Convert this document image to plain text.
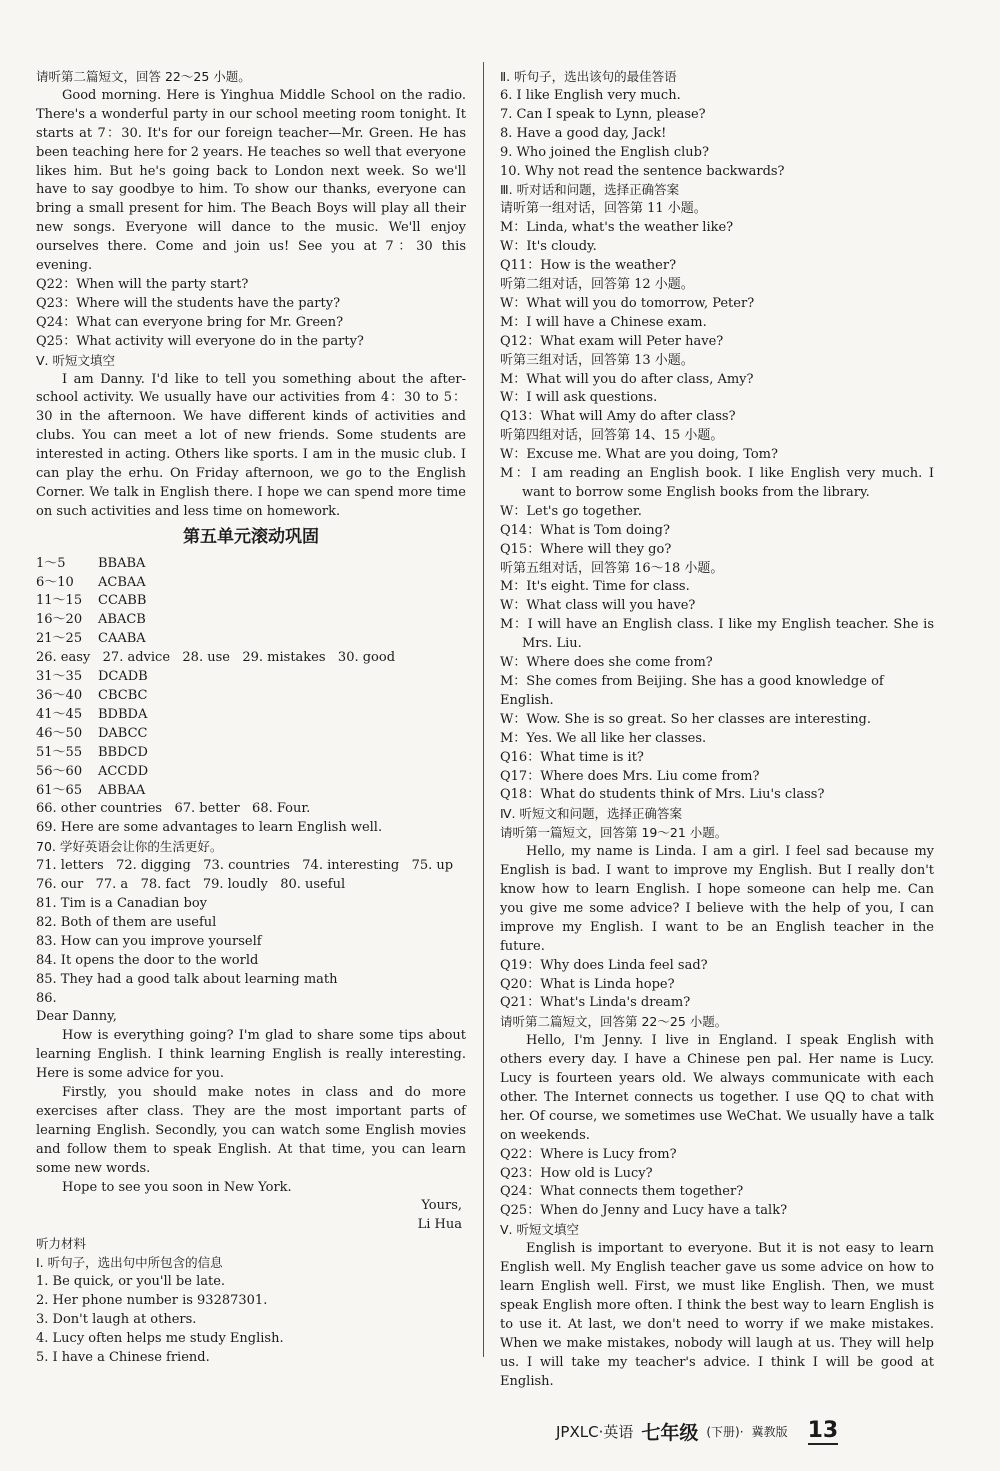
请听第二篇短文，回答 22～25 小题。
Good morning. Here is Yinghua Middle School on the radio. There's a wonderful party in our school meeting room tonight. It starts at 7：30. It's for our foreign teacher—Mr. Green. He has been teaching here for 2 years. He teaches so well that everyone likes him. But he's going back to London next week. So we'll have to say goodbye to him. To show our thanks, everyone can bring a small present for him. The Beach Boys will play all their new songs. Everyone will dance to the music. We'll enjoy ourselves there. Come and join us! See you at 7：30 this evening.
Q22：When will the party start?
Q23：Where will the students have the party?
Q24：What can everyone bring for Mr. Green?
Q25：What activity will everyone do in the party?
Ⅴ. 听短文填空
I am Danny. I'd like to tell you something about the after-school activity. We usually have our activities from 4：30 to 5：30 in the afternoon. We have different kinds of activities and clubs. You can meet a lot of new friends. Some students are interested in acting. Others like sports. I am in the music club. I can play the erhu. On Friday afternoon, we go to the English Corner. We talk in English there. I hope we can spend more time on such activities and less time on homework.
第五单元滚动巩固
1～5	BBABA
6～10	ACBAA
11～15	CCABB
16～20	ABACB
21～25	CAABA
26. easy   27. advice   28. use   29. mistakes   30. good
31～35	DCADB
36～40	CBCBC
41～45	BDBDA
46～50	DABCC
51～55	BBDCD
56～60	ACCDD
61～65	ABBAA
66. other countries   67. better   68. Four.
69. Here are some advantages to learn English well.
70. 学好英语会让你的生活更好。
71. letters   72. digging   73. countries   74. interesting   75. up
76. our   77. a   78. fact   79. loudly   80. useful
81. Tim is a Canadian boy
82. Both of them are useful
83. How can you improve yourself
84. It opens the door to the world
85. They had a good talk about learning math
86.
Dear Danny,
How is everything going? I'm glad to share some tips about learning English. I think learning English is really interesting. Here is some advice for you.
Firstly, you should make notes in class and do more exercises after class. They are the most important parts of learning English. Secondly, you can watch some English movies and follow them to speak English. At that time, you can learn some new words.
Hope to see you soon in New York.
Yours,
Li Hua
听力材料
Ⅰ. 听句子，选出句中所包含的信息
1. Be quick, or you'll be late.
2. Her phone number is 93287301.
3. Don't laugh at others.
4. Lucy often helps me study English.
5. I have a Chinese friend.
Ⅱ. 听句子，选出该句的最佳答语
6. I like English very much.
7. Can I speak to Lynn, please?
8. Have a good day, Jack!
9. Who joined the English club?
10. Why not read the sentence backwards?
Ⅲ. 听对话和问题，选择正确答案
请听第一组对话，回答第 11 小题。
M：Linda, what's the weather like?
W：It's cloudy.
Q11：How is the weather?
听第二组对话，回答第 12 小题。
W：What will you do tomorrow, Peter?
M：I will have a Chinese exam.
Q12：What exam will Peter have?
听第三组对话，回答第 13 小题。
M：What will you do after class, Amy?
W：I will ask questions.
Q13：What will Amy do after class?
听第四组对话，回答第 14、15 小题。
W：Excuse me. What are you doing, Tom?
M：I am reading an English book. I like English very much. I want to borrow some English books from the library.
W：Let's go together.
Q14：What is Tom doing?
Q15：Where will they go?
听第五组对话，回答第 16～18 小题。
M：It's eight. Time for class.
W：What class will you have?
M：I will have an English class. I like my English teacher. She is Mrs. Liu.
W：Where does she come from?
M：She comes from Beijing. She has a good knowledge of English.
W：Wow. She is so great. So her classes are interesting.
M：Yes. We all like her classes.
Q16：What time is it?
Q17：Where does Mrs. Liu come from?
Q18：What do students think of Mrs. Liu's class?
Ⅳ. 听短文和问题，选择正确答案
请听第一篇短文，回答第 19～21 小题。
Hello, my name is Linda. I am a girl. I feel sad because my English is bad. I want to improve my English. But I really don't know how to learn English. I hope someone can help me. Can you give me some advice? I believe with the help of you, I can improve my English. I want to be an English teacher in the future.
Q19：Why does Linda feel sad?
Q20：What is Linda hope?
Q21：What's Linda's dream?
请听第二篇短文，回答第 22～25 小题。
Hello, I'm Jenny. I live in England. I speak English with others every day. I have a Chinese pen pal. Her name is Lucy. Lucy is fourteen years old. We always communicate with each other. The Internet connects us together. I use QQ to chat with her. Of course, we sometimes use WeChat. We usually have a talk on weekends.
Q22：Where is Lucy from?
Q23：How old is Lucy?
Q24：What connects them together?
Q25：When do Jenny and Lucy have a talk?
Ⅴ. 听短文填空
English is important to everyone. But it is not easy to learn English well. My English teacher gave us some advice on how to learn English well. First, we must like English. Then, we must speak English more often. I think the best way to learn English is to use it. At last, we don't need to worry if we make mistakes. When we make mistakes, nobody will laugh at us. They will help us. I will take my teacher's advice. I think I will be good at English.
JPXLC·英语 七年级 (下册)· 冀教版 13
